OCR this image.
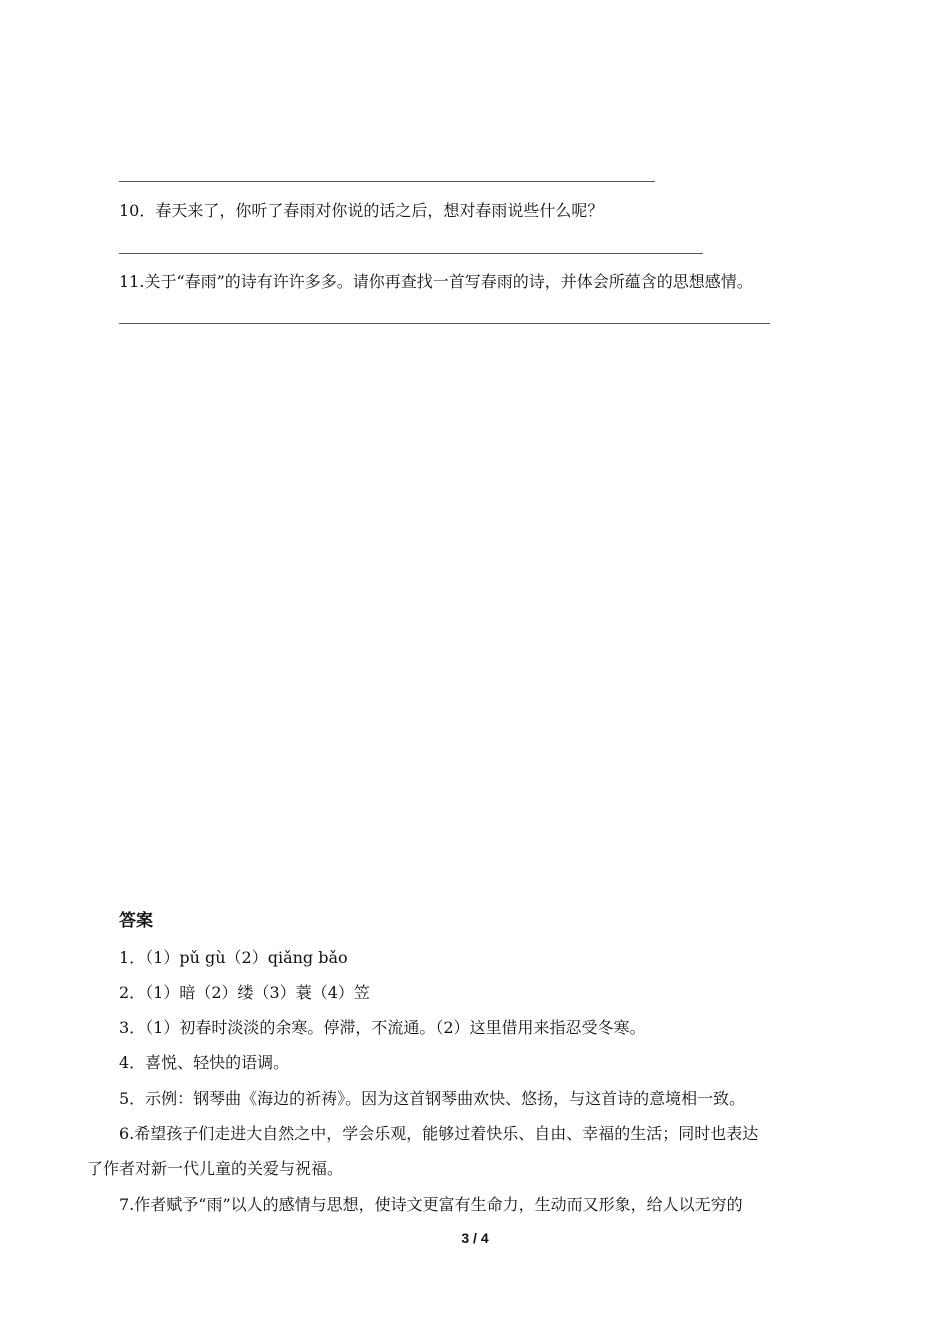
10．春天来了，你听了春雨对你说的话之后，想对春雨说些什么呢？
11.关于“春雨”的诗有许许多多。请你再查找一首写春雨的诗，并体会所蕴含的思想感情。
答案
1．（1）pǔ gù（2）qiǎng bǎo
2．（1）暗（2）缕（3）蓑（4）笠
3．（1）初春时淡淡的余寒。停滞，不流通。（2）这里借用来指忍受冬寒。
4．喜悦、轻快的语调。
5．示例：钢琴曲《海边的祈祷》。因为这首钢琴曲欢快、悠扬，与这首诗的意境相一致。
6.希望孩子们走进大自然之中，学会乐观，能够过着快乐、自由、幸福的生活；同时也表达
了作者对新一代儿童的关爱与祝福。
7.作者赋予“雨”以人的感情与思想，使诗文更富有生命力，生动而又形象，给人以无穷的
3 / 4
